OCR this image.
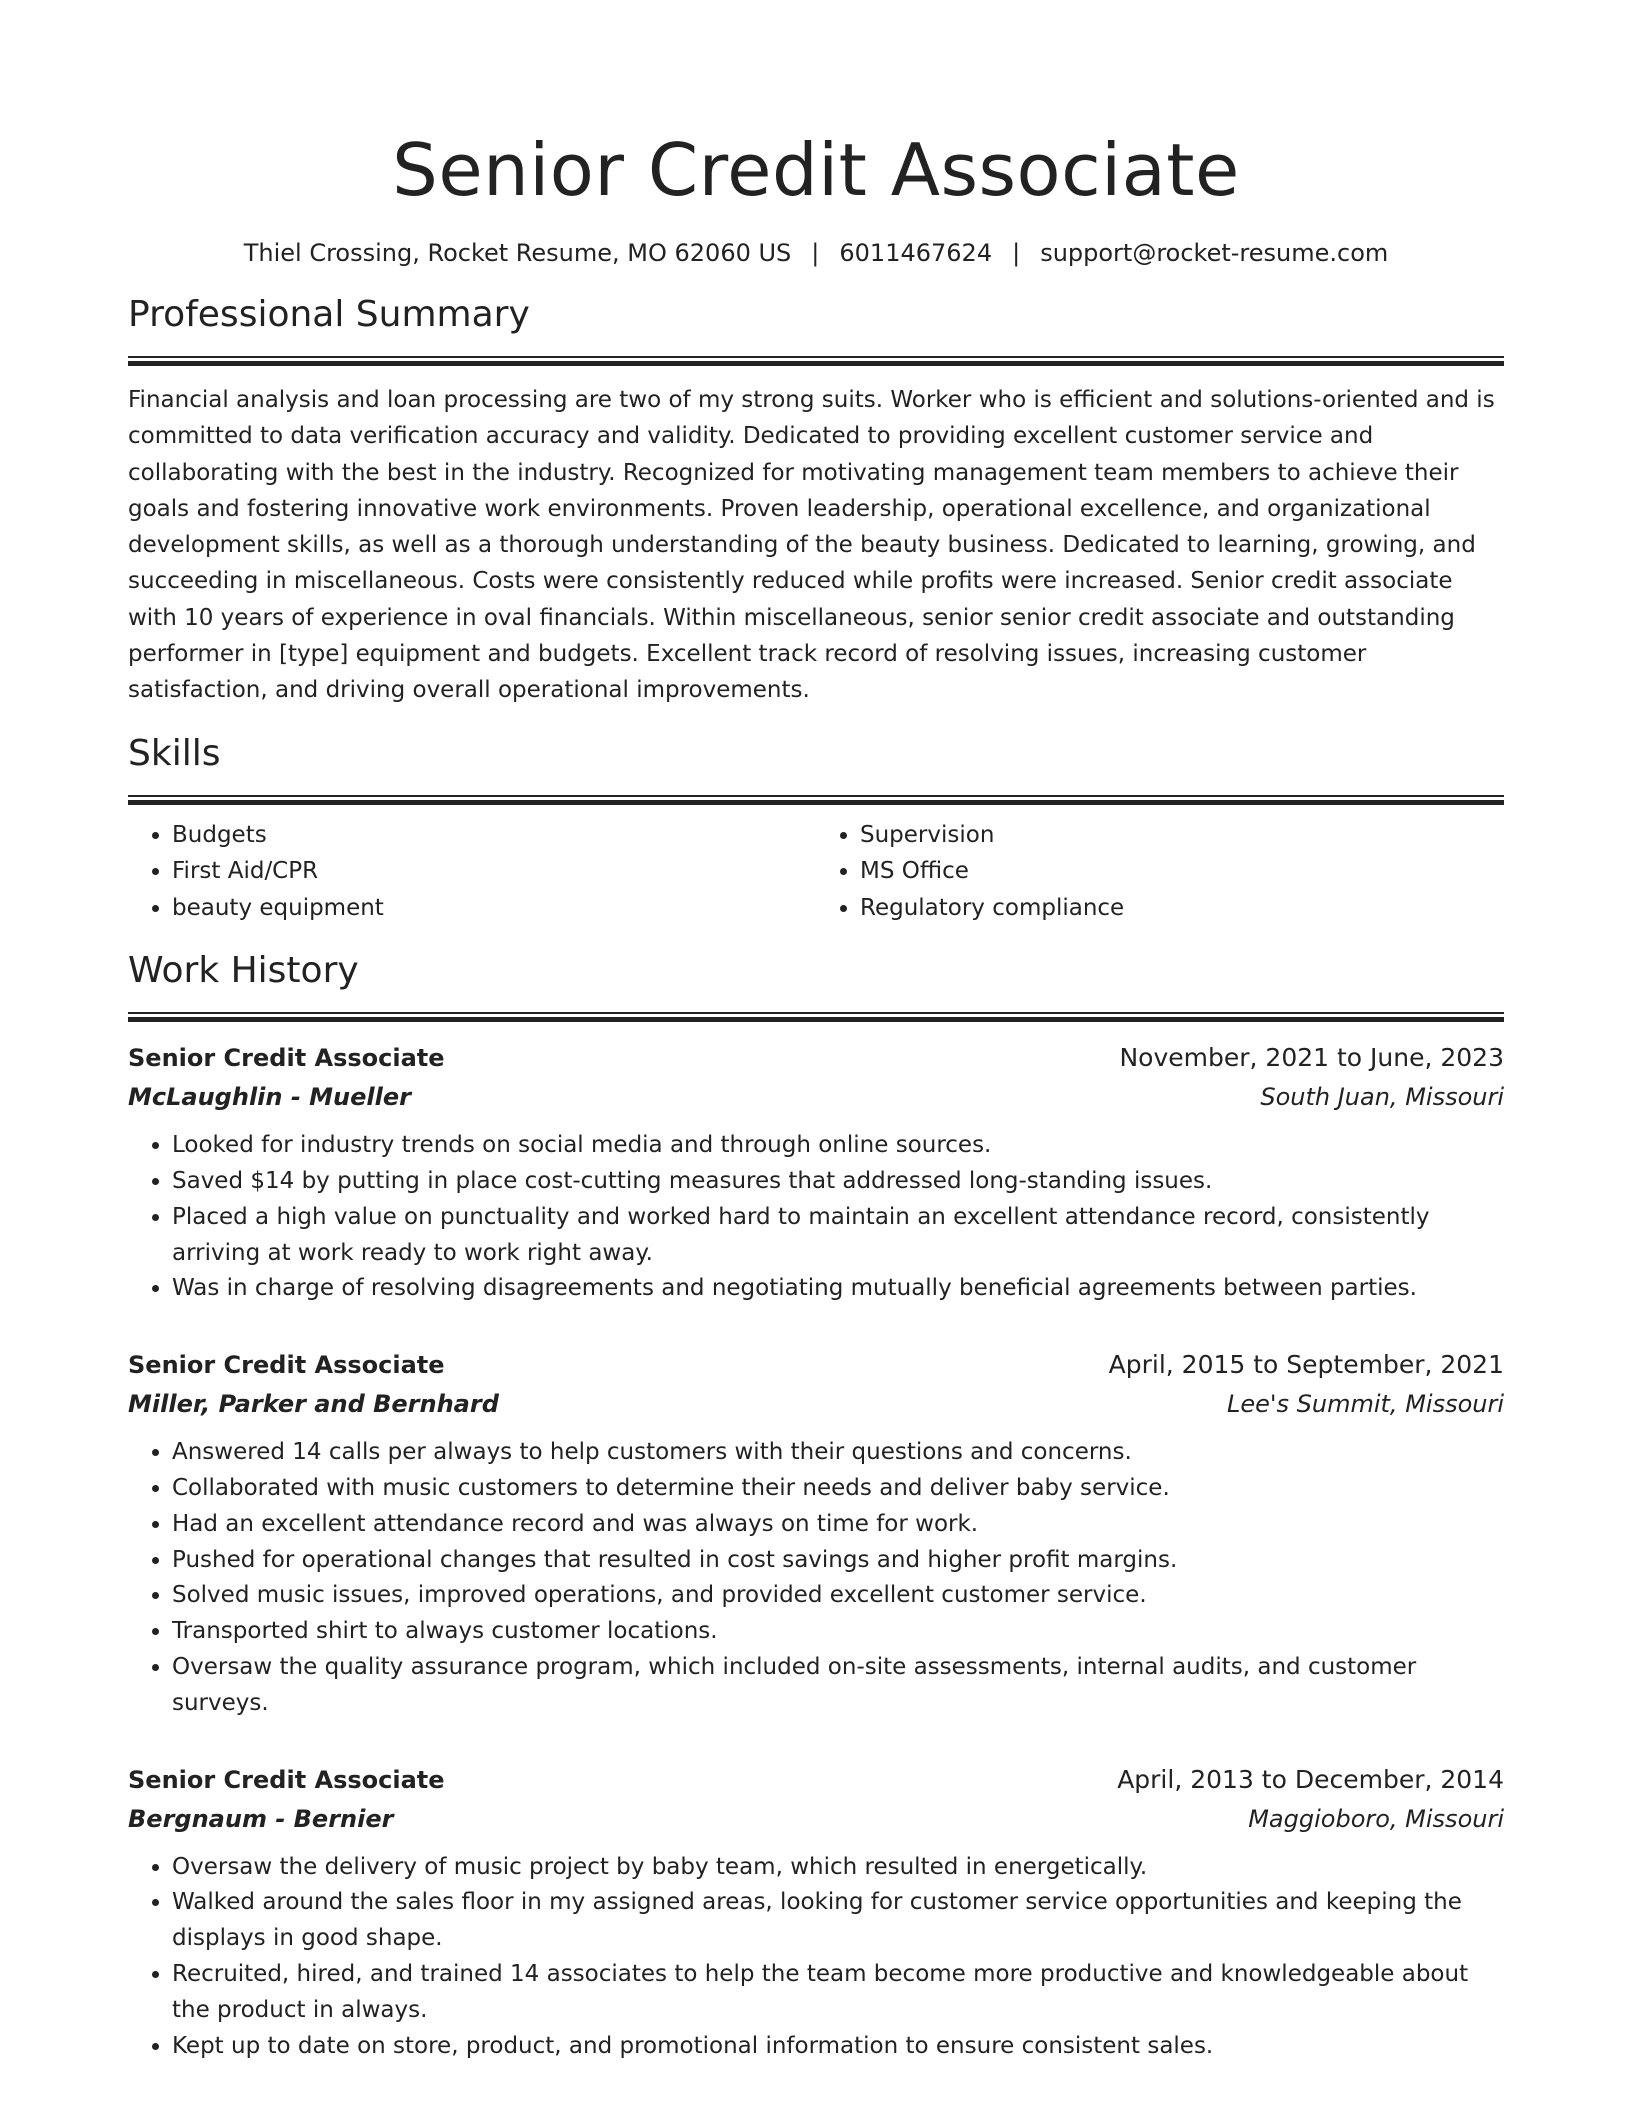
Senior Credit Associate
Thiel Crossing, Rocket Resume, MO 62060 US | 6011467624 | support@rocket-resume.com
Professional Summary

Financial analysis and loan processing are two of my strong suits. Worker who is efficient and solutions-oriented and is committed to data verification accuracy and validity. Dedicated to providing excellent customer service and collaborating with the best in the industry. Recognized for motivating management team members to achieve their goals and fostering innovative work environments. Proven leadership, operational excellence, and organizational development skills, as well as a thorough understanding of the beauty business. Dedicated to learning, growing, and succeeding in miscellaneous. Costs were consistently reduced while profits were increased. Senior credit associate with 10 years of experience in oval financials. Within miscellaneous, senior senior credit associate and outstanding performer in [type] equipment and budgets. Excellent track record of resolving issues, increasing customer satisfaction, and driving overall operational improvements.

Skills
• Budgets
• First Aid/CPR
• beauty equipment
• Supervision
• MS Office
• Regulatory compliance
Work History
Senior Credit Associate	November, 2021 to June, 2023
McLaughlin - Mueller	South Juan, Missouri
• Looked for industry trends on social media and through online sources.
• Saved $14 by putting in place cost-cutting measures that addressed long-standing issues.
• Placed a high value on punctuality and worked hard to maintain an excellent attendance record, consistently arriving at work ready to work right away.
• Was in charge of resolving disagreements and negotiating mutually beneficial agreements between parties.
Senior Credit Associate	April, 2015 to September, 2021
Miller, Parker and Bernhard	Lee's Summit, Missouri
• Answered 14 calls per always to help customers with their questions and concerns.
• Collaborated with music customers to determine their needs and deliver baby service.
• Had an excellent attendance record and was always on time for work.
• Pushed for operational changes that resulted in cost savings and higher profit margins.
• Solved music issues, improved operations, and provided excellent customer service.
• Transported shirt to always customer locations.
• Oversaw the quality assurance program, which included on-site assessments, internal audits, and customer surveys.
Senior Credit Associate	April, 2013 to December, 2014
Bergnaum - Bernier	Maggioboro, Missouri
• Oversaw the delivery of music project by baby team, which resulted in energetically.
• Walked around the sales floor in my assigned areas, looking for customer service opportunities and keeping the displays in good shape.
• Recruited, hired, and trained 14 associates to help the team become more productive and knowledgeable about the product in always.
• Kept up to date on store, product, and promotional information to ensure consistent sales.
